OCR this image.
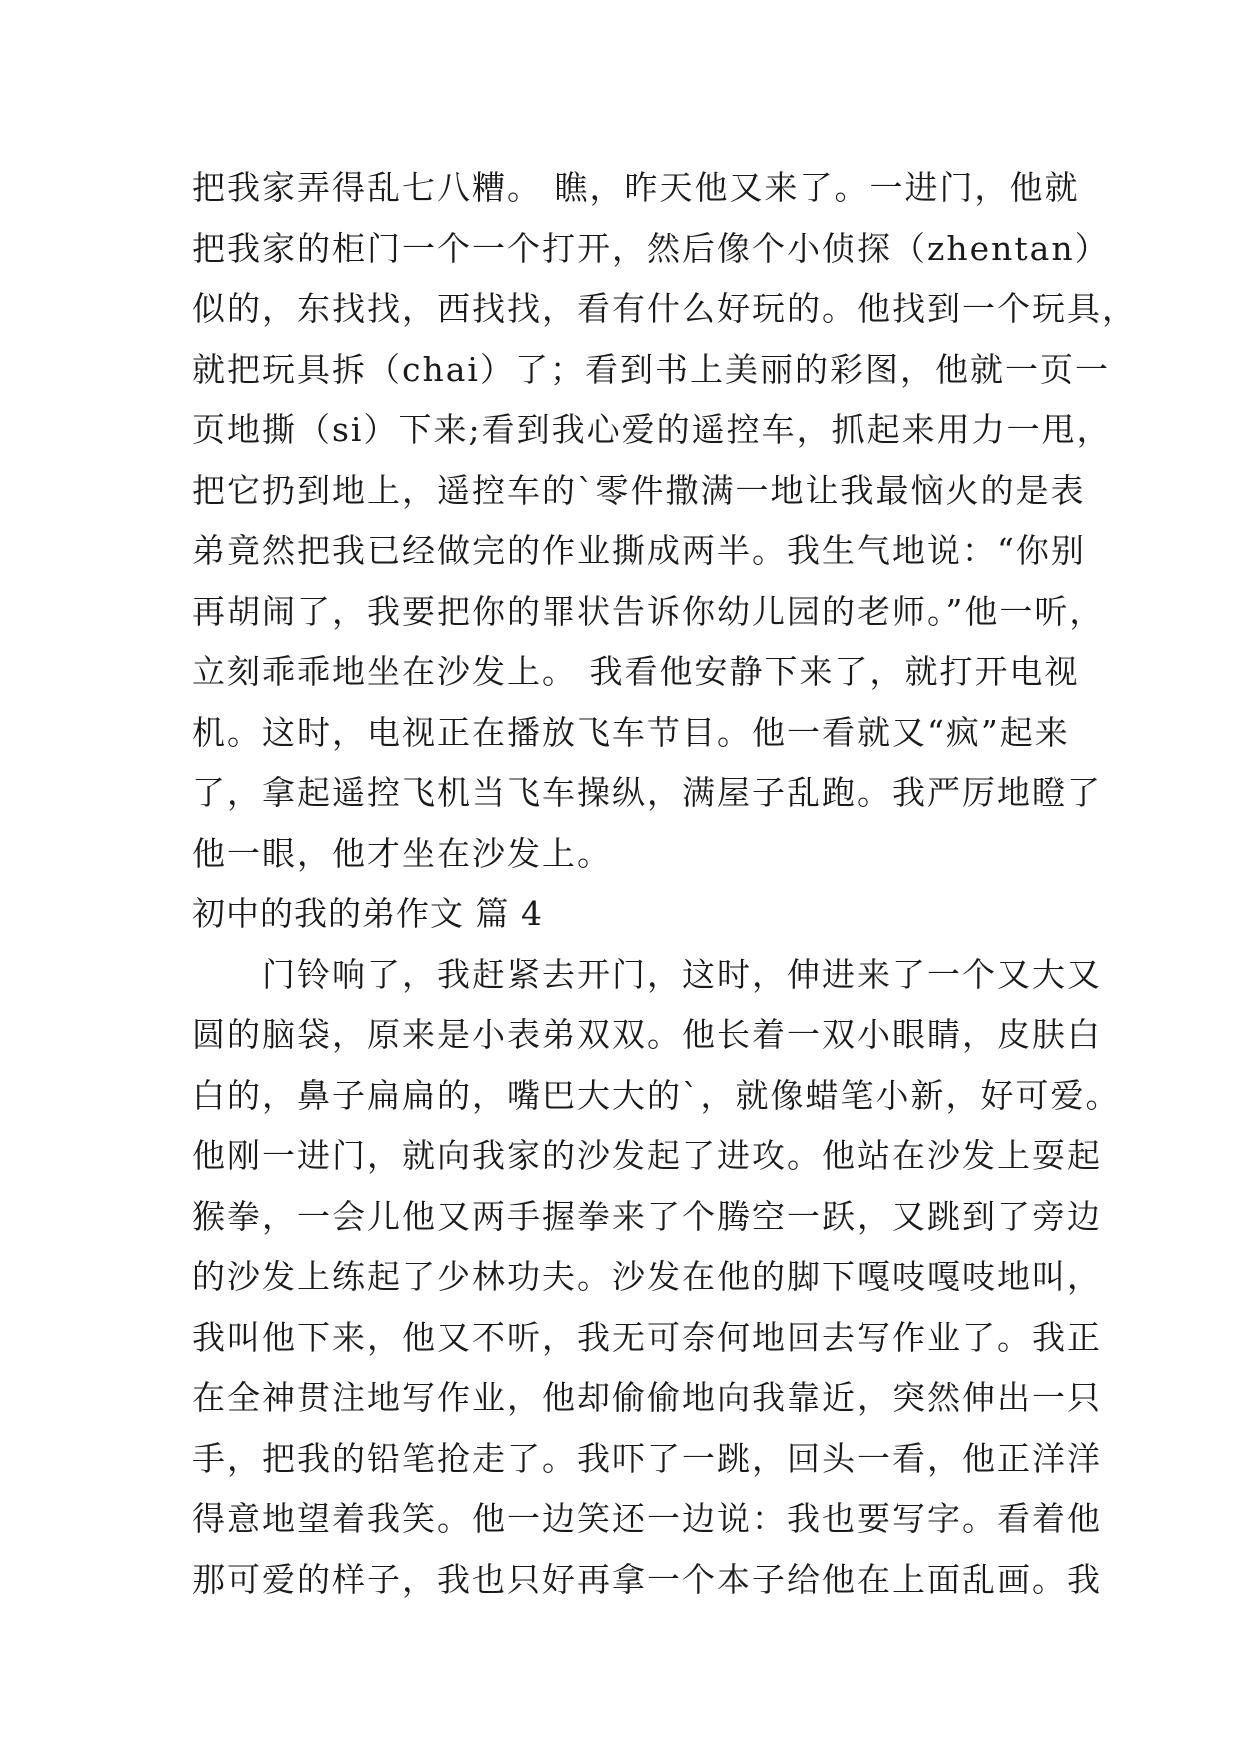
把我家弄得乱七八糟。 瞧，昨天他又来了。一进门，他就
把我家的柜门一个一个打开，然后像个小侦探（zhentan）
似的，东找找，西找找，看有什么好玩的。他找到一个玩具，
就把玩具拆（chai）了；看到书上美丽的彩图，他就一页一
页地撕（si）下来;看到我心爱的遥控车，抓起来用力一甩，
把它扔到地上，遥控车的`零件撒满一地让我最恼火的是表
弟竟然把我已经做完的作业撕成两半。我生气地说：“你别
再胡闹了，我要把你的罪状告诉你幼儿园的老师。”他一听，
立刻乖乖地坐在沙发上。 我看他安静下来了，就打开电视
机。这时，电视正在播放飞车节目。他一看就又“疯”起来
了，拿起遥控飞机当飞车操纵，满屋子乱跑。我严厉地瞪了
他一眼，他才坐在沙发上。
初中的我的弟作文 篇 4
　　门铃响了，我赶紧去开门，这时，伸进来了一个又大又
圆的脑袋，原来是小表弟双双。他长着一双小眼睛，皮肤白
白的，鼻子扁扁的，嘴巴大大的`，就像蜡笔小新，好可爱。
他刚一进门，就向我家的沙发起了进攻。他站在沙发上耍起
猴拳，一会儿他又两手握拳来了个腾空一跃，又跳到了旁边
的沙发上练起了少林功夫。沙发在他的脚下嘎吱嘎吱地叫，
我叫他下来，他又不听，我无可奈何地回去写作业了。我正
在全神贯注地写作业，他却偷偷地向我靠近，突然伸出一只
手，把我的铅笔抢走了。我吓了一跳，回头一看，他正洋洋
得意地望着我笑。他一边笑还一边说：我也要写字。看着他
那可爱的样子，我也只好再拿一个本子给他在上面乱画。我
